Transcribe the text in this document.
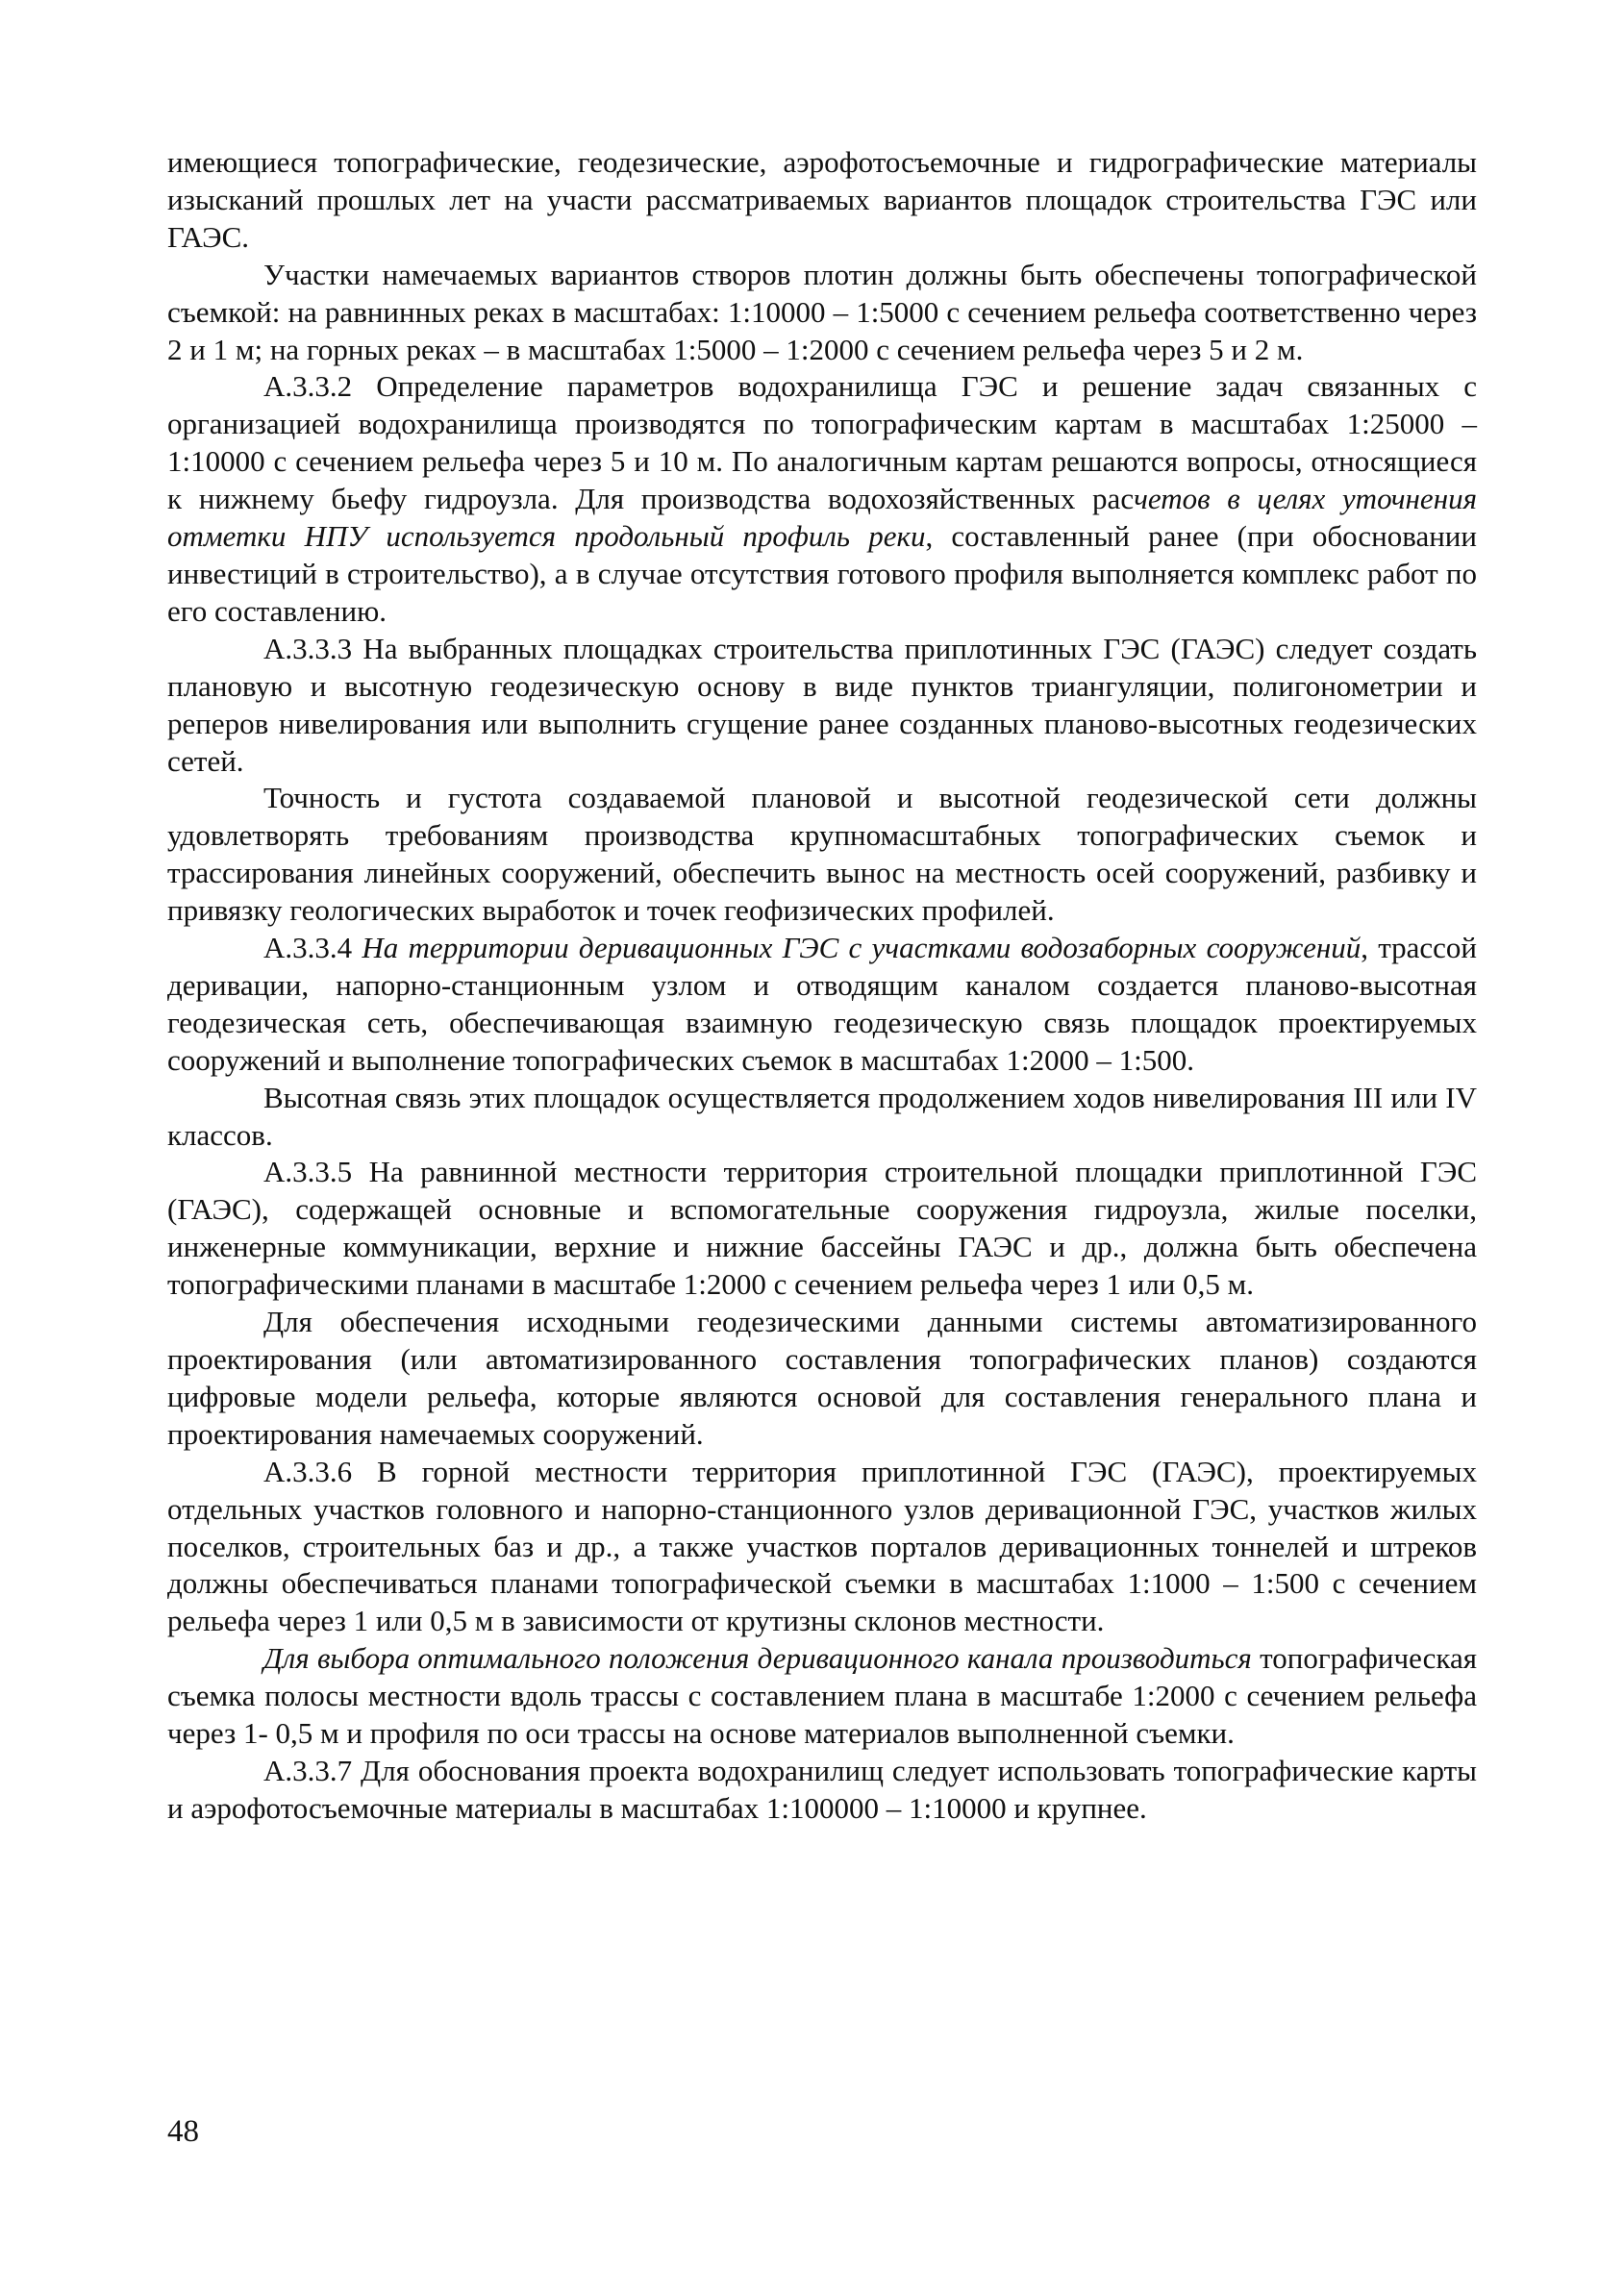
имеющиеся топографические, геодезические, аэрофотосъемочные и гидрографические материалы изысканий прошлых лет на участи рассматриваемых вариантов площадок строительства ГЭС или ГАЭС.

Участки намечаемых вариантов створов плотин должны быть обеспечены топографической съемкой: на равнинных реках в масштабах: 1:10000 – 1:5000 с сечением рельефа соответственно через 2 и 1 м; на горных реках – в масштабах 1:5000 – 1:2000 с сечением рельефа через 5 и 2 м.

А.3.3.2 Определение параметров водохранилища ГЭС и решение задач связанных с организацией водохранилища производятся по топографическим картам в масштабах 1:25000 – 1:10000 с сечением рельефа через 5 и 10 м. По аналогичным картам решаются вопросы, относящиеся к нижнему бьефу гидроузла. Для производства водохозяйственных расчетов в целях уточнения отметки НПУ используется продольный профиль реки, составленный ранее (при обосновании инвестиций в строительство), а в случае отсутствия готового профиля выполняется комплекс работ по его составлению.

А.3.3.3 На выбранных площадках строительства приплотинных ГЭС (ГАЭС) следует создать плановую и высотную геодезическую основу в виде пунктов триангуляции, полигонометрии и реперов нивелирования или выполнить сгущение ранее созданных планово-высотных геодезических сетей.

Точность и густота создаваемой плановой и высотной геодезической сети должны удовлетворять требованиям производства крупномасштабных топографических съемок и трассирования линейных сооружений, обеспечить вынос на местность осей сооружений, разбивку и привязку геологических выработок и точек геофизических профилей.

А.3.3.4 На территории деривационных ГЭС с участками водозаборных сооружений, трассой деривации, напорно-станционным узлом и отводящим каналом создается планово-высотная геодезическая сеть, обеспечивающая взаимную геодезическую связь площадок проектируемых сооружений и выполнение топографических съемок в масштабах 1:2000 – 1:500.

Высотная связь этих площадок осуществляется продолжением ходов нивелирования III или IV классов.

А.3.3.5 На равнинной местности территория строительной площадки приплотинной ГЭС (ГАЭС), содержащей основные и вспомогательные сооружения гидроузла, жилые поселки, инженерные коммуникации, верхние и нижние бассейны ГАЭС и др., должна быть обеспечена топографическими планами в масштабе 1:2000 с сечением рельефа через 1 или 0,5 м.

Для обеспечения исходными геодезическими данными системы автоматизированного проектирования (или автоматизированного составления топографических планов) создаются цифровые модели рельефа, которые являются основой для составления генерального плана и проектирования намечаемых сооружений.

А.3.3.6 В горной местности территория приплотинной ГЭС (ГАЭС), проектируемых отдельных участков головного и напорно-станционного узлов деривационной ГЭС, участков жилых поселков, строительных баз и др., а также участков порталов деривационных тоннелей и штреков должны обеспечиваться планами топографической съемки в масштабах 1:1000 – 1:500 с сечением рельефа через 1 или 0,5 м в зависимости от крутизны склонов местности.

Для выбора оптимального положения деривационного канала производиться топографическая съемка полосы местности вдоль трассы с составлением плана в масштабе 1:2000 с сечением рельефа через 1- 0,5 м и профиля по оси трассы на основе материалов выполненной съемки.

А.3.3.7 Для обоснования проекта водохранилищ следует использовать топографические карты и аэрофотосъемочные материалы в масштабах 1:100000 – 1:10000 и крупнее.

48
